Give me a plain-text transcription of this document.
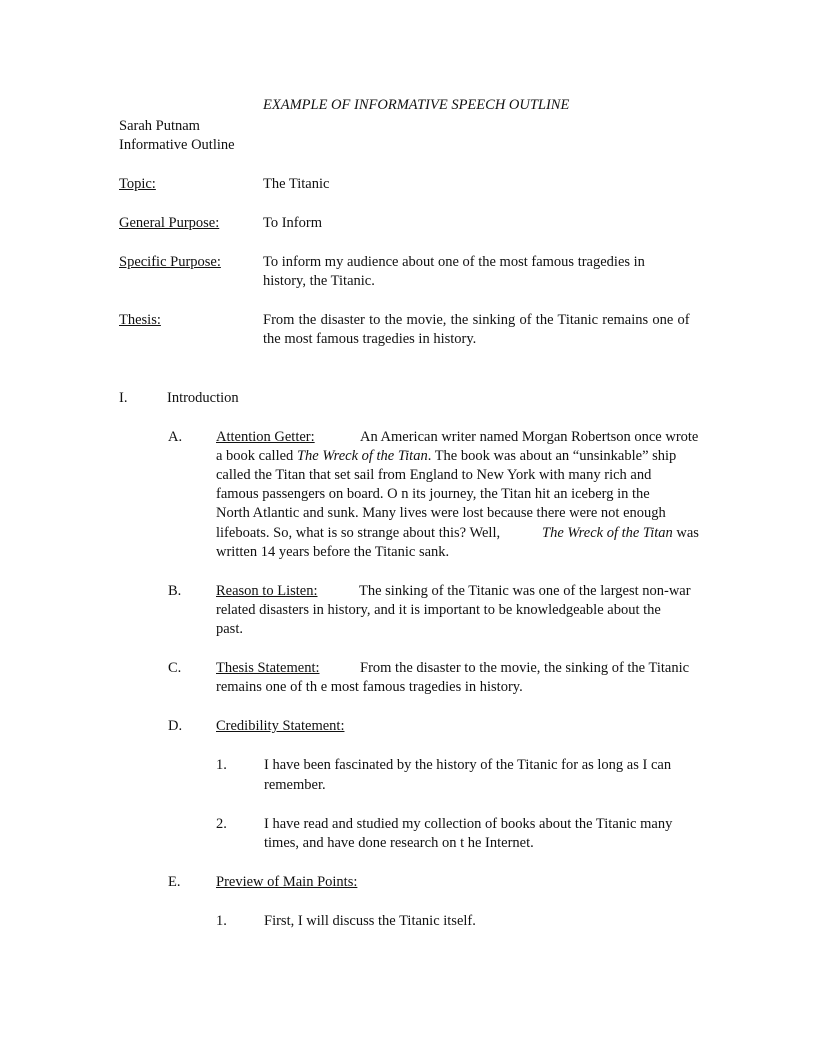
EXAMPLE OF INFORMATIVE SPEECH OUTLINE
Sarah Putnam
Informative Outline
Topic:	The Titanic
General Purpose:	To Inform
Specific Purpose:	To inform my audience about one of the most famous tragedies in
history, the Titanic.
Thesis:	From the disaster to the movie, the sinking of the Titanic remains one of
the most famous tragedies in history.
I.	Introduction
A. Attention Getter:	An American writer named Morgan Robertson once wrote
a book called The Wreck of the Titan. The book was about an “unsinkable” ship
called the Titan that set sail from England to New York with many rich and
famous passengers on board. O n its journey, the Titan hit an iceberg in the
North Atlantic and sunk. Many lives were lost because there were not enough
lifeboats. So, what is so strange about this? Well,	The Wreck of the Titan was
written 14 years before the Titanic sank.
B. Reason to Listen:	The sinking of the Titanic was one of the largest non-war
related disasters in history, and it is important to be knowledgeable about the
past.
C. Thesis Statement:	From the disaster to the movie, the sinking of the Titanic
remains one of th e most famous tragedies in history.
D. Credibility Statement:
1.	I have been fascinated by the history of the Titanic for as long as I can
remember.
2.	I have read and studied my collection of books about the Titanic many
times, and have done research on t he Internet.
E. Preview of Main Points:
1.	First, I will discuss the Titanic itself.
